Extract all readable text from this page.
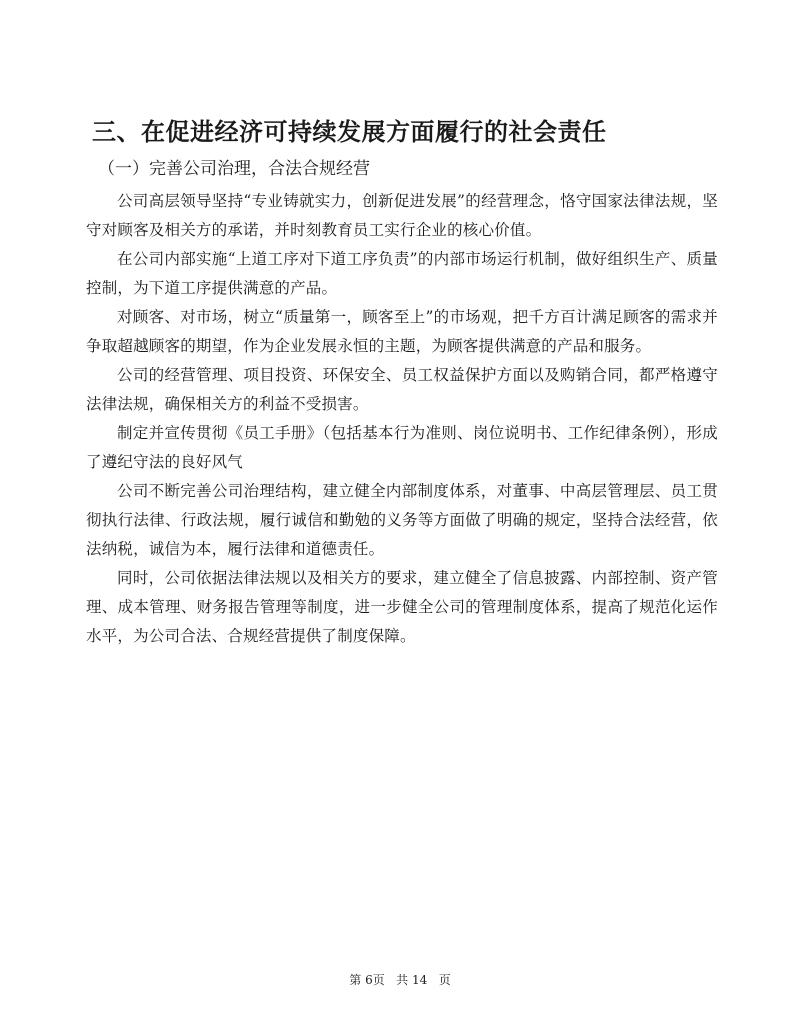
三、在促进经济可持续发展方面履行的社会责任
（一）完善公司治理，合法合规经营

公司高层领导坚持“专业铸就实力，创新促进发展”的经营理念，恪守国家法律法规，坚守对顾客及相关方的承诺，并时刻教育员工实行企业的核心价值。

在公司内部实施“上道工序对下道工序负责”的内部市场运行机制，做好组织生产、质量控制，为下道工序提供满意的产品。

对顾客、对市场，树立“质量第一，顾客至上”的市场观，把千方百计满足顾客的需求并争取超越顾客的期望，作为企业发展永恒的主题，为顾客提供满意的产品和服务。

公司的经营管理、项目投资、环保安全、员工权益保护方面以及购销合同，都严格遵守法律法规，确保相关方的利益不受损害。

制定并宣传贯彻《员工手册》（包括基本行为准则、岗位说明书、工作纪律条例），形成了遵纪守法的良好风气

公司不断完善公司治理结构，建立健全内部制度体系，对董事、中高层管理层、员工贯彻执行法律、行政法规，履行诚信和勤勉的义务等方面做了明确的规定，坚持合法经营，依法纳税，诚信为本，履行法律和道德责任。

同时，公司依据法律法规以及相关方的要求，建立健全了信息披露、内部控制、资产管理、成本管理、财务报告管理等制度，进一步健全公司的管理制度体系，提高了规范化运作水平，为公司合法、合规经营提供了制度保障。

第 6页   共 14   页
